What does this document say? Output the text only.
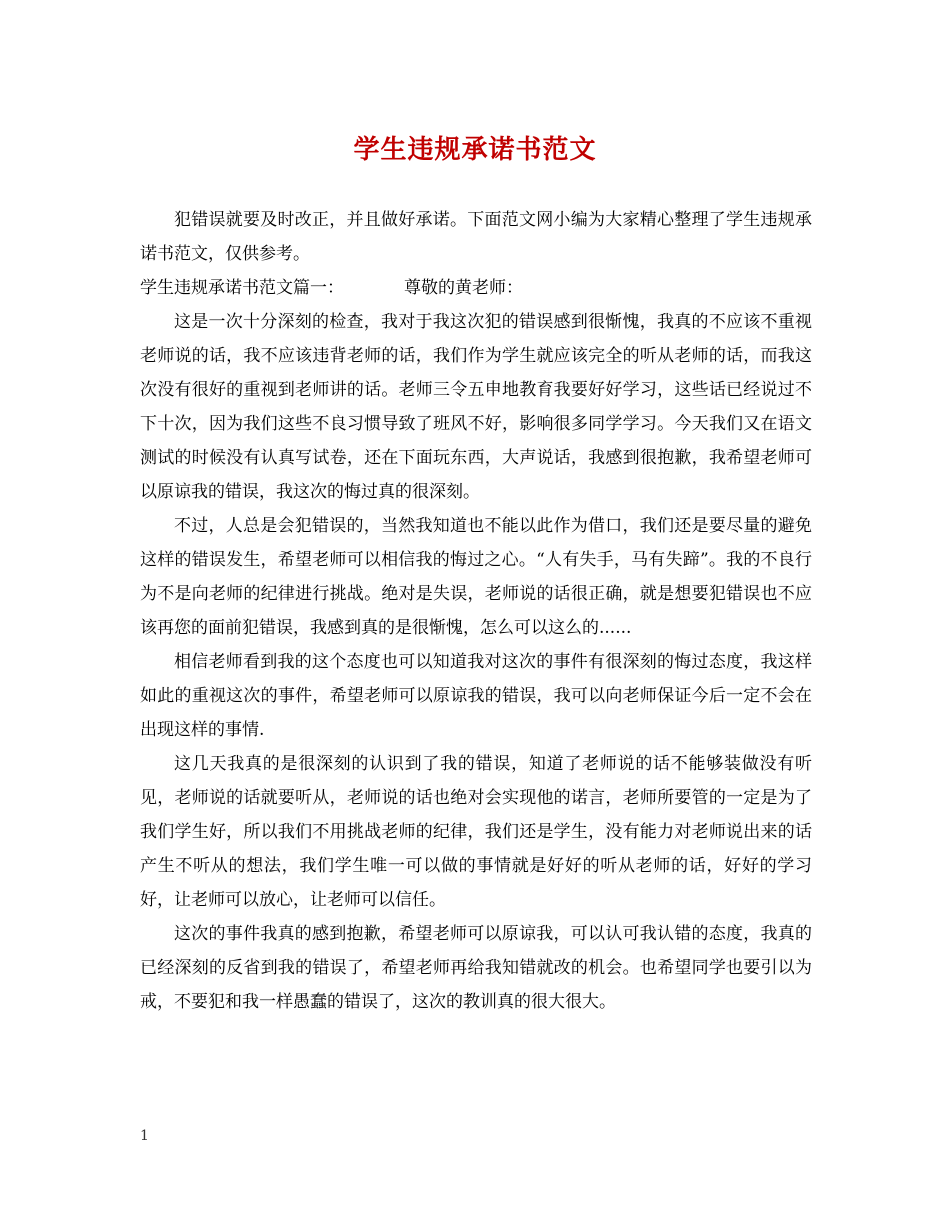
学生违规承诺书范文

犯错误就要及时改正，并且做好承诺。下面范文网小编为大家精心整理了学生违规承诺书范文，仅供参考。

学生违规承诺书范文篇一：	尊敬的黄老师：

这是一次十分深刻的检查，我对于我这次犯的错误感到很惭愧，我真的不应该不重视老师说的话，我不应该违背老师的话，我们作为学生就应该完全的听从老师的话，而我这次没有很好的重视到老师讲的话。老师三令五申地教育我要好好学习，这些话已经说过不下十次，因为我们这些不良习惯导致了班风不好，影响很多同学学习。今天我们又在语文测试的时候没有认真写试卷，还在下面玩东西，大声说话，我感到很抱歉，我希望老师可以原谅我的错误，我这次的悔过真的很深刻。

不过，人总是会犯错误的，当然我知道也不能以此作为借口，我们还是要尽量的避免这样的错误发生，希望老师可以相信我的悔过之心。“人有失手，马有失蹄”。我的不良行为不是向老师的纪律进行挑战。绝对是失误，老师说的话很正确，就是想要犯错误也不应该再您的面前犯错误，我感到真的是很惭愧，怎么可以这么的......

相信老师看到我的这个态度也可以知道我对这次的事件有很深刻的悔过态度，我这样如此的重视这次的事件，希望老师可以原谅我的错误，我可以向老师保证今后一定不会在出现这样的事情.

这几天我真的是很深刻的认识到了我的错误，知道了老师说的话不能够装做没有听见，老师说的话就要听从，老师说的话也绝对会实现他的诺言，老师所要管的一定是为了我们学生好，所以我们不用挑战老师的纪律，我们还是学生，没有能力对老师说出来的话产生不听从的想法，我们学生唯一可以做的事情就是好好的听从老师的话，好好的学习好，让老师可以放心，让老师可以信任。

这次的事件我真的感到抱歉，希望老师可以原谅我，可以认可我认错的态度，我真的已经深刻的反省到我的错误了，希望老师再给我知错就改的机会。也希望同学也要引以为戒，不要犯和我一样愚蠢的错误了，这次的教训真的很大很大。

1
